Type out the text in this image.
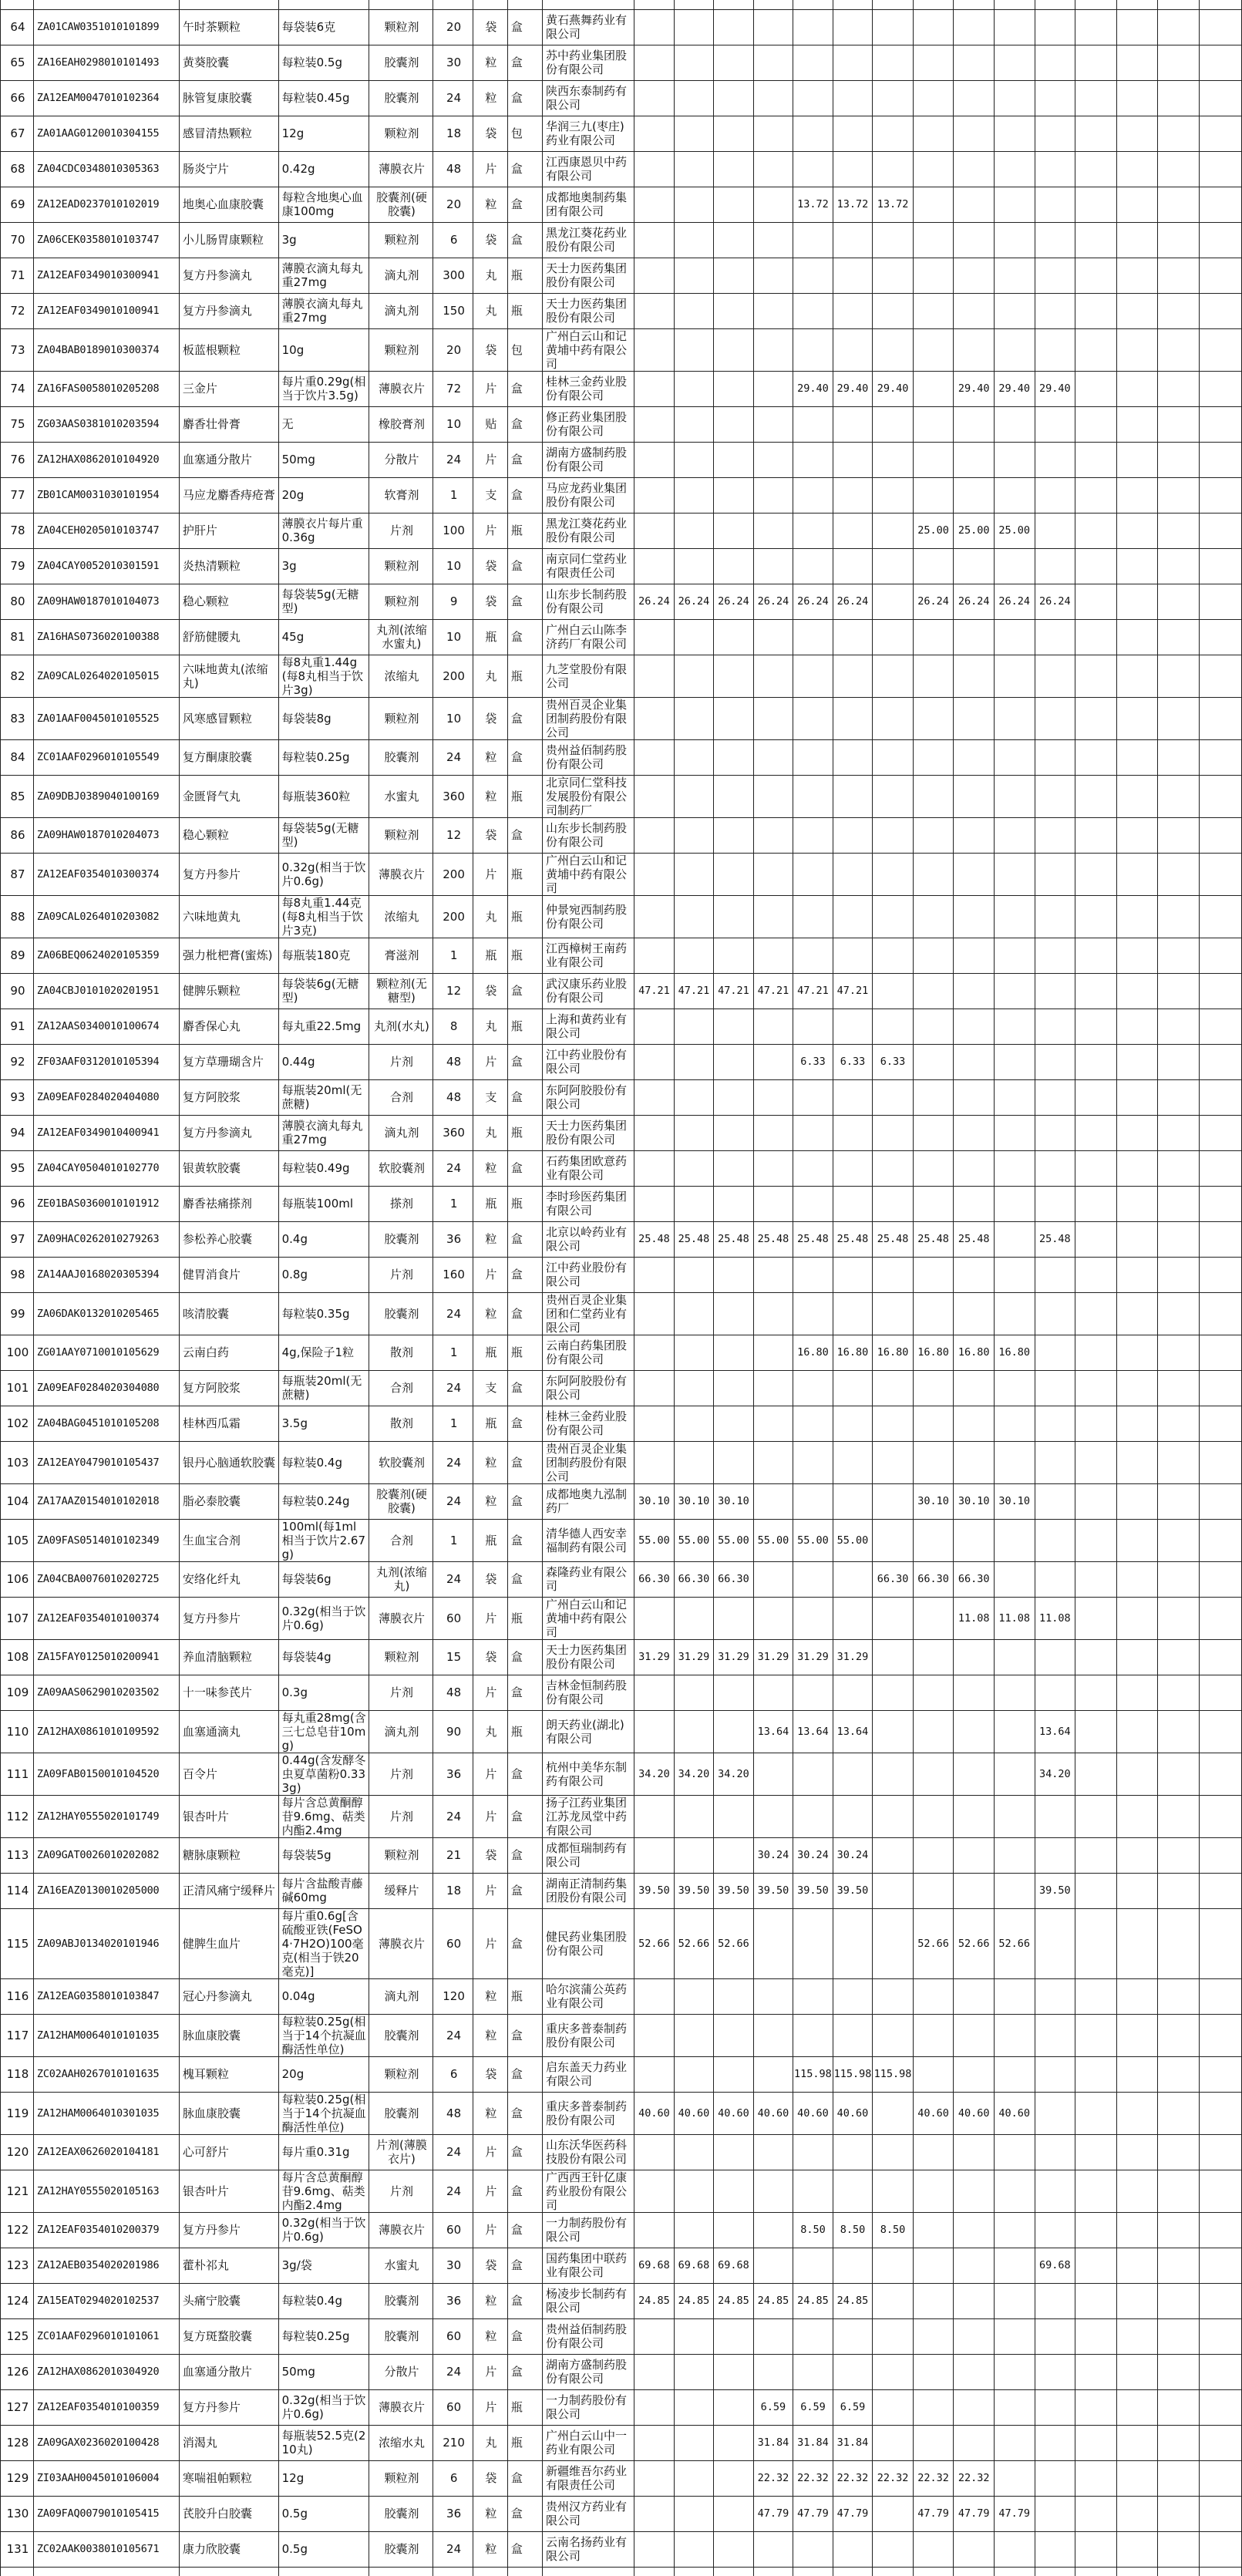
64	ZA01CAW0351010101899	午时茶颗粒	每袋装6克	颗粒剂	20	袋	盒	黄石燕舞药业有限公司															
65	ZA16EAH0298010101493	黄葵胶囊	每粒装0.5g	胶囊剂	30	粒	盒	苏中药业集团股份有限公司															
66	ZA12EAM0047010102364	脉管复康胶囊	每粒装0.45g	胶囊剂	24	粒	盒	陕西东泰制药有限公司															
67	ZA01AAG0120010304155	感冒清热颗粒	12g	颗粒剂	18	袋	包	华润三九(枣庄)药业有限公司															
68	ZA04CDC0348010305363	肠炎宁片	0.42g	薄膜衣片	48	片	盒	江西康恩贝中药有限公司															
69	ZA12EAD0237010102019	地奥心血康胶囊	每粒含地奥心血康100mg	胶囊剂(硬胶囊)	20	粒	盒	成都地奥制药集团有限公司					13.72	13.72	13.72								
70	ZA06CEK0358010103747	小儿肠胃康颗粒	3g	颗粒剂	6	袋	盒	黑龙江葵花药业股份有限公司															
71	ZA12EAF0349010300941	复方丹参滴丸	薄膜衣滴丸每丸重27mg	滴丸剂	300	丸	瓶	天士力医药集团股份有限公司															
72	ZA12EAF0349010100941	复方丹参滴丸	薄膜衣滴丸每丸重27mg	滴丸剂	150	丸	瓶	天士力医药集团股份有限公司															
73	ZA04BAB0189010300374	板蓝根颗粒	10g	颗粒剂	20	袋	包	广州白云山和记黄埔中药有限公司															
74	ZA16FAS0058010205208	三金片	每片重0.29g(相当于饮片3.5g)	薄膜衣片	72	片	盒	桂林三金药业股份有限公司					29.40	29.40	29.40		29.40	29.40	29.40				
75	ZG03AAS0381010203594	麝香壮骨膏	无	橡胶膏剂	10	贴	盒	修正药业集团股份有限公司															
76	ZA12HAX0862010104920	血塞通分散片	50mg	分散片	24	片	盒	湖南方盛制药股份有限公司															
77	ZB01CAM0031030101954	马应龙麝香痔疮膏	20g	软膏剂	1	支	盒	马应龙药业集团股份有限公司															
78	ZA04CEH0205010103747	护肝片	薄膜衣片每片重0.36g	片剂	100	片	瓶	黑龙江葵花药业股份有限公司								25.00	25.00	25.00					
79	ZA04CAY0052010301591	炎热清颗粒	3g	颗粒剂	10	袋	盒	南京同仁堂药业有限责任公司															
80	ZA09HAW0187010104073	稳心颗粒	每袋装5g(无糖型)	颗粒剂	9	袋	盒	山东步长制药股份有限公司	26.24	26.24	26.24	26.24	26.24	26.24		26.24	26.24	26.24	26.24				
81	ZA16HAS0736020100388	舒筋健腰丸	45g	丸剂(浓缩水蜜丸)	10	瓶	盒	广州白云山陈李济药厂有限公司															
82	ZA09CAL0264020105015	六味地黄丸(浓缩丸)	每8丸重1.44g(每8丸相当于饮片3g)	浓缩丸	200	丸	瓶	九芝堂股份有限公司															
83	ZA01AAF0045010105525	风寒感冒颗粒	每袋装8g	颗粒剂	10	袋	盒	贵州百灵企业集团制药股份有限公司															
84	ZC01AAF0296010105549	复方酮康胶囊	每粒装0.25g	胶囊剂	24	粒	盒	贵州益佰制药股份有限公司															
85	ZA09DBJ0389040100169	金匮肾气丸	每瓶装360粒	水蜜丸	360	粒	瓶	北京同仁堂科技发展股份有限公司制药厂															
86	ZA09HAW0187010204073	稳心颗粒	每袋装5g(无糖型)	颗粒剂	12	袋	盒	山东步长制药股份有限公司															
87	ZA12EAF0354010300374	复方丹参片	0.32g(相当于饮片0.6g)	薄膜衣片	200	片	瓶	广州白云山和记黄埔中药有限公司															
88	ZA09CAL0264010203082	六味地黄丸	每8丸重1.44克(每8丸相当于饮片3克)	浓缩丸	200	丸	瓶	仲景宛西制药股份有限公司															
89	ZA06BEQ0624020105359	强力枇杷膏(蜜炼)	每瓶装180克	膏滋剂	1	瓶	瓶	江西樟树王南药业有限公司															
90	ZA04CBJ0101020201951	健脾乐颗粒	每袋装6g(无糖型)	颗粒剂(无糖型)	12	袋	盒	武汉康乐药业股份有限公司	47.21	47.21	47.21	47.21	47.21	47.21									
91	ZA12AAS0340010100674	麝香保心丸	每丸重22.5mg	丸剂(水丸)	8	丸	瓶	上海和黄药业有限公司															
92	ZF03AAF0312010105394	复方草珊瑚含片	0.44g	片剂	48	片	盒	江中药业股份有限公司					6.33	6.33	6.33								
93	ZA09EAF0284020404080	复方阿胶浆	每瓶装20ml(无蔗糖)	合剂	48	支	盒	东阿阿胶股份有限公司															
94	ZA12EAF0349010400941	复方丹参滴丸	薄膜衣滴丸每丸重27mg	滴丸剂	360	丸	瓶	天士力医药集团股份有限公司															
95	ZA04CAY0504010102770	银黄软胶囊	每粒装0.49g	软胶囊剂	24	粒	盒	石药集团欧意药业有限公司															
96	ZE01BAS0360010101912	麝香祛痛搽剂	每瓶装100ml	搽剂	1	瓶	瓶	李时珍医药集团有限公司															
97	ZA09HAC0262010279263	参松养心胶囊	0.4g	胶囊剂	36	粒	盒	北京以岭药业有限公司	25.48	25.48	25.48	25.48	25.48	25.48	25.48	25.48	25.48		25.48				
98	ZA14AAJ0168020305394	健胃消食片	0.8g	片剂	160	片	盒	江中药业股份有限公司															
99	ZA06DAK0132010205465	咳清胶囊	每粒装0.35g	胶囊剂	24	粒	盒	贵州百灵企业集团和仁堂药业有限公司															
100	ZG01AAY0710010105629	云南白药	4g,保险子1粒	散剂	1	瓶	瓶	云南白药集团股份有限公司					16.80	16.80	16.80	16.80	16.80	16.80					
101	ZA09EAF0284020304080	复方阿胶浆	每瓶装20ml(无蔗糖)	合剂	24	支	盒	东阿阿胶股份有限公司															
102	ZA04BAG0451010105208	桂林西瓜霜	3.5g	散剂	1	瓶	盒	桂林三金药业股份有限公司															
103	ZA12EAY0479010105437	银丹心脑通软胶囊	每粒装0.4g	软胶囊剂	24	粒	盒	贵州百灵企业集团制药股份有限公司															
104	ZA17AAZ0154010102018	脂必泰胶囊	每粒装0.24g	胶囊剂(硬胶囊)	24	粒	盒	成都地奥九泓制药厂	30.10	30.10	30.10					30.10	30.10	30.10					
105	ZA09FAS0514010102349	生血宝合剂	100ml(每1ml相当于饮片2.67g)	合剂	1	瓶	盒	清华德人西安幸福制药有限公司	55.00	55.00	55.00	55.00	55.00	55.00									
106	ZA04CBA0076010202725	安络化纤丸	每袋装6g	丸剂(浓缩丸)	24	袋	盒	森隆药业有限公司	66.30	66.30	66.30				66.30	66.30	66.30						
107	ZA12EAF0354010100374	复方丹参片	0.32g(相当于饮片0.6g)	薄膜衣片	60	片	瓶	广州白云山和记黄埔中药有限公司									11.08	11.08	11.08				
108	ZA15FAY0125010200941	养血清脑颗粒	每袋装4g	颗粒剂	15	袋	盒	天士力医药集团股份有限公司	31.29	31.29	31.29	31.29	31.29	31.29									
109	ZA09AAS0629010203502	十一味参芪片	0.3g	片剂	48	片	盒	吉林金恒制药股份有限公司															
110	ZA12HAX0861010109592	血塞通滴丸	每丸重28mg(含三七总皂苷10mg)	滴丸剂	90	丸	瓶	朗天药业(湖北)有限公司				13.64	13.64	13.64					13.64				
111	ZA09FAB0150010104520	百令片	0.44g(含发酵冬虫夏草菌粉0.333g)	片剂	36	片	盒	杭州中美华东制药有限公司	34.20	34.20	34.20								34.20				
112	ZA12HAY0555020101749	银杏叶片	每片含总黄酮醇苷9.6mg、萜类内酯2.4mg	片剂	24	片	盒	扬子江药业集团江苏龙凤堂中药有限公司															
113	ZA09GAT0026010202082	糖脉康颗粒	每袋装5g	颗粒剂	21	袋	盒	成都恒瑞制药有限公司				30.24	30.24	30.24									
114	ZA16EAZ0130010205000	正清风痛宁缓释片	每片含盐酸青藤碱60mg	缓释片	18	片	盒	湖南正清制药集团股份有限公司	39.50	39.50	39.50	39.50	39.50	39.50					39.50				
115	ZA09ABJ0134020101946	健脾生血片	每片重0.6g[含硫酸亚铁(FeSO4·7H2O)100毫克(相当于铁20毫克)]	薄膜衣片	60	片	盒	健民药业集团股份有限公司	52.66	52.66	52.66					52.66	52.66	52.66					
116	ZA12EAG0358010103847	冠心丹参滴丸	0.04g	滴丸剂	120	粒	瓶	哈尔滨蒲公英药业有限公司															
117	ZA12HAM0064010101035	脉血康胶囊	每粒装0.25g(相当于14个抗凝血酶活性单位)	胶囊剂	24	粒	盒	重庆多普泰制药股份有限公司															
118	ZC02AAH0267010101635	槐耳颗粒	20g	颗粒剂	6	袋	盒	启东盖天力药业有限公司					115.98	115.98	115.98								
119	ZA12HAM0064010301035	脉血康胶囊	每粒装0.25g(相当于14个抗凝血酶活性单位)	胶囊剂	48	粒	盒	重庆多普泰制药股份有限公司	40.60	40.60	40.60	40.60	40.60	40.60		40.60	40.60	40.60					
120	ZA12EAX0626020104181	心可舒片	每片重0.31g	片剂(薄膜衣片)	24	片	盒	山东沃华医药科技股份有限公司															
121	ZA12HAY0555020105163	银杏叶片	每片含总黄酮醇苷9.6mg、萜类内酯2.4mg	片剂	24	片	盒	广西西王针亿康药业股份有限公司															
122	ZA12EAF0354010200379	复方丹参片	0.32g(相当于饮片0.6g)	薄膜衣片	60	片	盒	一力制药股份有限公司					8.50	8.50	8.50								
123	ZA12AEB0354020201986	藿朴祁丸	3g/袋	水蜜丸	30	袋	盒	国药集团中联药业有限公司	69.68	69.68	69.68								69.68				
124	ZA15EAT0294020102537	头痛宁胶囊	每粒装0.4g	胶囊剂	36	粒	盒	杨凌步长制药有限公司	24.85	24.85	24.85	24.85	24.85	24.85									
125	ZC01AAF0296010101061	复方斑蝥胶囊	每粒装0.25g	胶囊剂	60	粒	盒	贵州益佰制药股份有限公司															
126	ZA12HAX0862010304920	血塞通分散片	50mg	分散片	24	片	盒	湖南方盛制药股份有限公司															
127	ZA12EAF0354010100359	复方丹参片	0.32g(相当于饮片0.6g)	薄膜衣片	60	片	瓶	一力制药股份有限公司				6.59	6.59	6.59									
128	ZA09GAX0236020100428	消渴丸	每瓶装52.5克(210丸)	浓缩水丸	210	丸	瓶	广州白云山中一药业有限公司				31.84	31.84	31.84									
129	ZI03AAH0045010106004	寒喘祖帕颗粒	12g	颗粒剂	6	袋	盒	新疆维吾尔药业有限责任公司				22.32	22.32	22.32	22.32	22.32	22.32						
130	ZA09FAQ0079010105415	芪胶升白胶囊	0.5g	胶囊剂	36	粒	盒	贵州汉方药业有限公司				47.79	47.79	47.79		47.79	47.79	47.79					
131	ZC02AAK0038010105671	康力欣胶囊	0.5g	胶囊剂	24	粒	盒	云南名扬药业有限公司															
